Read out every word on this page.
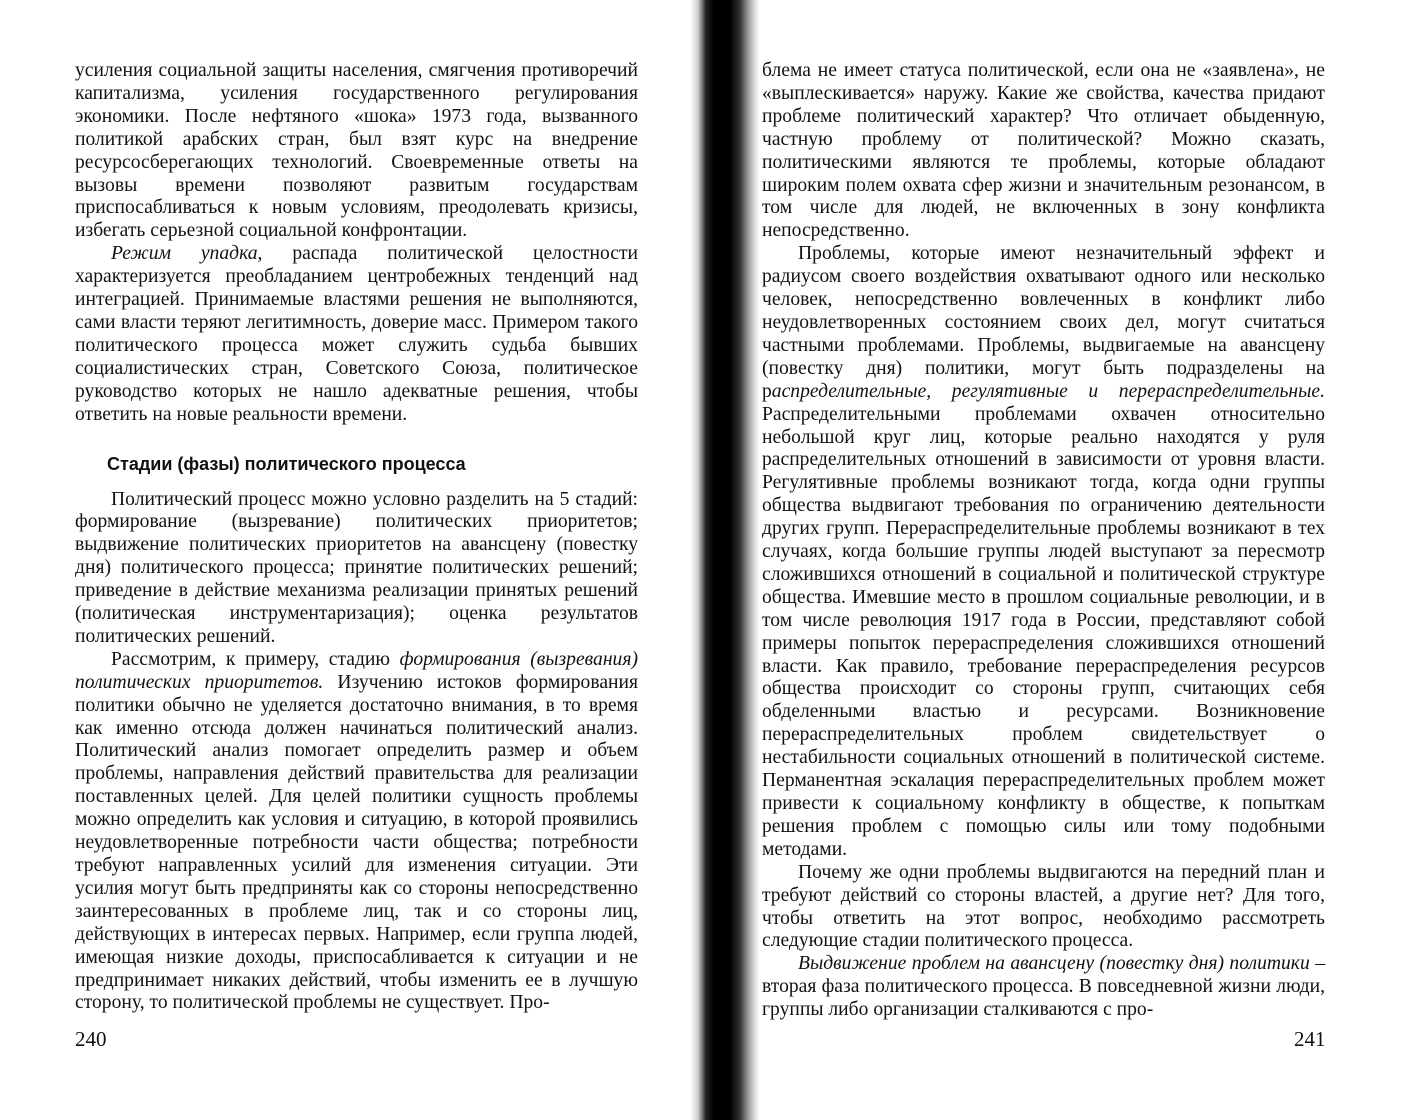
усиления социальной защиты населения, смягчения противоречий капитализма, усиления государственного регулирования экономики. После нефтяного «шока» 1973 года, вызванного политикой арабских стран, был взят курс на внедрение ресурсосберегающих технологий. Своевременные ответы на вызовы времени позволяют развитым государствам приспосабливаться к новым условиям, преодолевать кризисы, избегать серьезной социальной конфронтации.

Режим упадка, распада политической целостности характеризуется преобладанием центробежных тенденций над интеграцией. Принимаемые властями решения не выполняются, сами власти теряют легитимность, доверие масс. Примером такого политического процесса может служить судьба бывших социалистических стран, Советского Союза, политическое руководство которых не нашло адекватные решения, чтобы ответить на новые реальности времени.

Стадии (фазы) политического процесса

Политический процесс можно условно разделить на 5 стадий: формирование (вызревание) политических приоритетов; выдвижение политических приоритетов на авансцену (повестку дня) политического процесса; принятие политических решений; приведение в действие механизма реализации принятых решений (политическая инструментаризация); оценка результатов политических решений.

Рассмотрим, к примеру, стадию формирования (вызревания) политических приоритетов. Изучению истоков формирования политики обычно не уделяется достаточно внимания, в то время как именно отсюда должен начинаться политический анализ. Политический анализ помогает определить размер и объем проблемы, направления действий правительства для реализации поставленных целей. Для целей политики сущность проблемы можно определить как условия и ситуацию, в которой проявились неудовлетворенные потребности части общества; потребности требуют направленных усилий для изменения ситуации. Эти усилия могут быть предприняты как со стороны непосредственно заинтересованных в проблеме лиц, так и со стороны лиц, действующих в интересах первых. Например, если группа людей, имеющая низкие доходы, приспосабливается к ситуации и не предпринимает никаких действий, чтобы изменить ее в лучшую сторону, то политической проблемы не существует. Про-

240

блема не имеет статуса политической, если она не «заявлена», не «выплескивается» наружу. Какие же свойства, качества придают проблеме политический характер? Что отличает обыденную, частную проблему от политической? Можно сказать, политическими являются те проблемы, которые обладают широким полем охвата сфер жизни и значительным резонансом, в том числе для людей, не включенных в зону конфликта непосредственно.

Проблемы, которые имеют незначительный эффект и радиусом своего воздействия охватывают одного или несколько человек, непосредственно вовлеченных в конфликт либо неудовлетворенных состоянием своих дел, могут считаться частными проблемами. Проблемы, выдвигаемые на авансцену (повестку дня) политики, могут быть подразделены на распределительные, регулятивные и перераспределительные. Распределительными проблемами охвачен относительно небольшой круг лиц, которые реально находятся у руля распределительных отношений в зависимости от уровня власти. Регулятивные проблемы возникают тогда, когда одни группы общества выдвигают требования по ограничению деятельности других групп. Перераспределительные проблемы возникают в тех случаях, когда большие группы людей выступают за пересмотр сложившихся отношений в социальной и политической структуре общества. Имевшие место в прошлом социальные революции, и в том числе революция 1917 года в России, представляют собой примеры попыток перераспределения сложившихся отношений власти. Как правило, требование перераспределения ресурсов общества происходит со стороны групп, считающих себя обделенными властью и ресурсами. Возникновение перераспределительных проблем свидетельствует о нестабильности социальных отношений в политической системе. Перманентная эскалация перераспределительных проблем может привести к социальному конфликту в обществе, к попыткам решения проблем с помощью силы или тому подобными методами.

Почему же одни проблемы выдвигаются на передний план и требуют действий со стороны властей, а другие нет? Для того, чтобы ответить на этот вопрос, необходимо рассмотреть следующие стадии политического процесса.

Выдвижение проблем на авансцену (повестку дня) политики – вторая фаза политического процесса. В повседневной жизни люди, группы либо организации сталкиваются с про-

241
